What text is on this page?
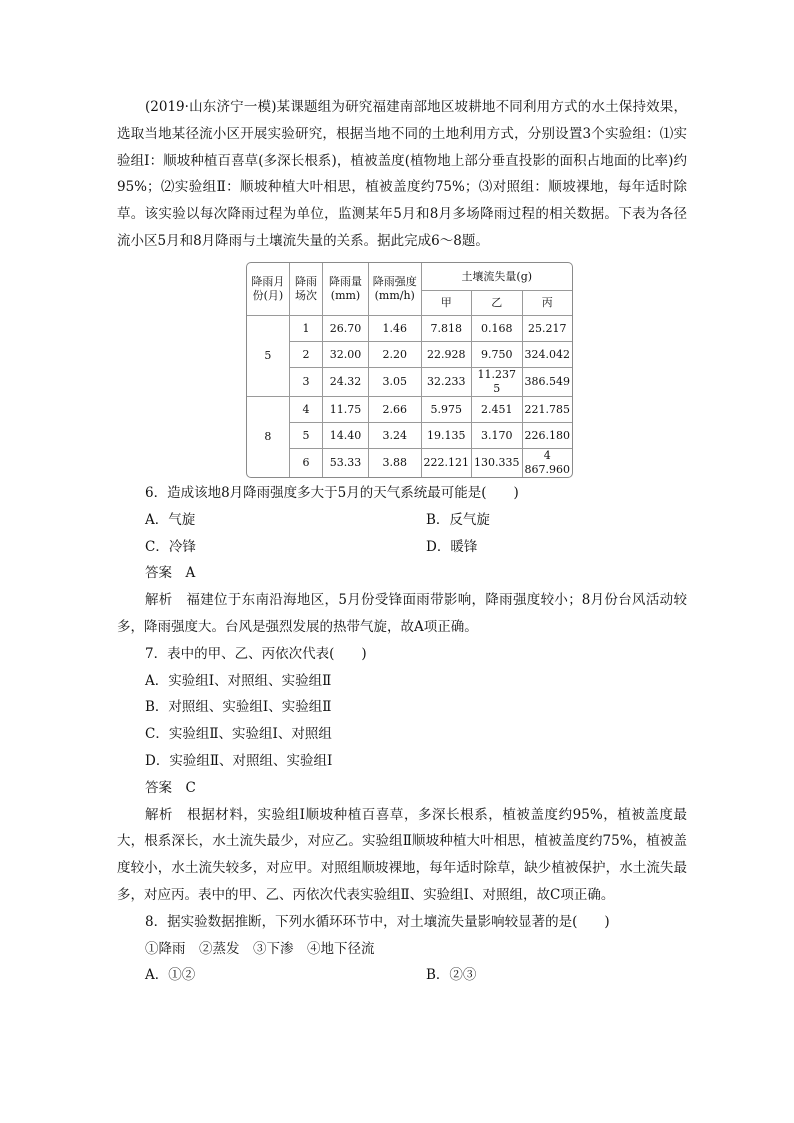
(2019·山东济宁一模)某课题组为研究福建南部地区坡耕地不同利用方式的水土保持效果，选取当地某径流小区开展实验研究，根据当地不同的土地利用方式，分别设置3个实验组：⑴实验组Ⅰ：顺坡种植百喜草(多深长根系)，植被盖度(植物地上部分垂直投影的面积占地面的比率)约95%；⑵实验组Ⅱ：顺坡种植大叶相思，植被盖度约75%；⑶对照组：顺坡裸地，每年适时除草。该实验以每次降雨过程为单位，监测某年5月和8月多场降雨过程的相关数据。下表为各径流小区5月和8月降雨与土壤流失量的关系。据此完成6～8题。

降雨月份(月)	降雨场次	降雨量(mm)	降雨强度(mm/h)	土壤流失量(g)		
				甲	乙	丙
5	1	26.70	1.46	7.818	0.168	25.217
	2	32.00	2.20	22.928	9.750	324.042
	3	24.32	3.05	32.233	11.237 5	386.549
8	4	11.75	2.66	5.975	2.451	221.785
	5	14.40	3.24	19.135	3.170	226.180
	6	53.33	3.88	222.121	130.335	4 867.960

6．造成该地8月降雨强度多大于5月的天气系统最可能是(　　)

A．气旋	B．反气旋
C．冷锋	D．暖锋

答案　A

解析　福建位于东南沿海地区，5月份受锋面雨带影响，降雨强度较小；8月份台风活动较多，降雨强度大。台风是强烈发展的热带气旋，故A项正确。

7．表中的甲、乙、丙依次代表(　　)

A．实验组Ⅰ、对照组、实验组Ⅱ

B．对照组、实验组Ⅰ、实验组Ⅱ

C．实验组Ⅱ、实验组Ⅰ、对照组

D．实验组Ⅱ、对照组、实验组Ⅰ

答案　C

解析　根据材料，实验组Ⅰ顺坡种植百喜草，多深长根系，植被盖度约95%，植被盖度最大，根系深长，水土流失最少，对应乙。实验组Ⅱ顺坡种植大叶相思，植被盖度约75%，植被盖度较小，水土流失较多，对应甲。对照组顺坡裸地，每年适时除草，缺少植被保护，水土流失最多，对应丙。表中的甲、乙、丙依次代表实验组Ⅱ、实验组Ⅰ、对照组，故C项正确。

8．据实验数据推断，下列水循环环节中，对土壤流失量影响较显著的是(　　)

①降雨　②蒸发　③下渗　④地下径流

A．①②	B．②③
